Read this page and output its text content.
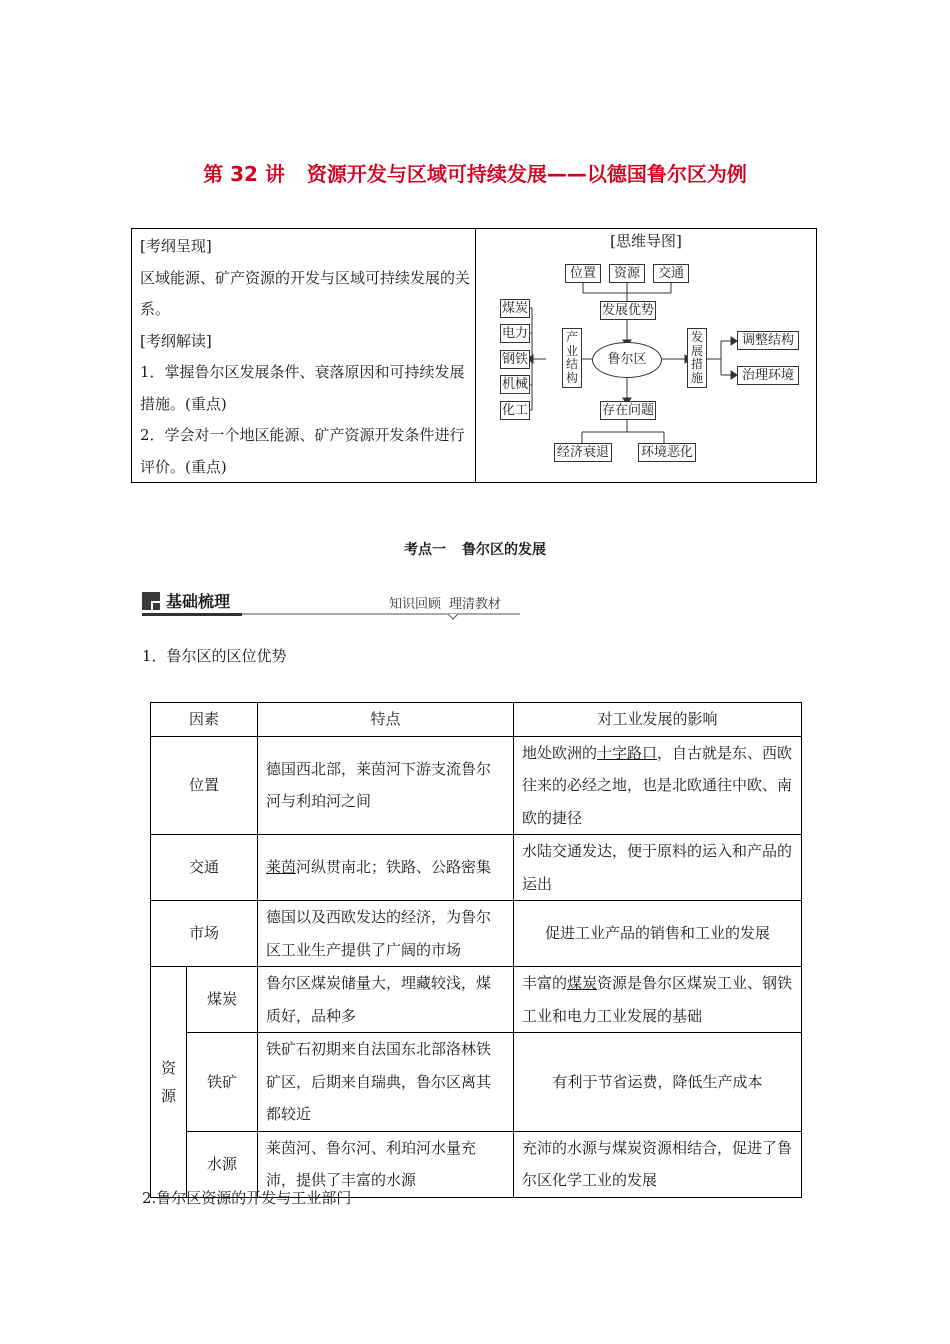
第 32 讲 资源开发与区域可持续发展——以德国鲁尔区为例

[考纲呈现]

区域能源、矿产资源的开发与区域可持续发展的关系。

[考纲解读]

1．掌握鲁尔区发展条件、衰落原因和可持续发展措施。(重点)

2．学会对一个地区能源、矿产资源开发条件进行评价。(重点)

[思维导图]
位置	资源	交通
发展优势
煤炭
电力
钢铁
机械
化工
产业结构
鲁尔区
发展措施
调整结构
治理环境
存在问题
经济衰退 环境恶化
考点一 鲁尔区的发展
基础梳理	知识回顾 理清教材
1．鲁尔区的区位优势
因素		特点	对工业发展的影响
位置		德国西北部，莱茵河下游支流鲁尔河与利珀河之间	地处欧洲的十字路口，自古就是东、西欧往来的必经之地，也是北欧通往中欧、南欧的捷径
交通		莱茵河纵贯南北；铁路、公路密集	水陆交通发达，便于原料的运入和产品的运出
市场		德国以及西欧发达的经济，为鲁尔区工业生产提供了广阔的市场	促进工业产品的销售和工业的发展
资
源	煤炭	鲁尔区煤炭储量大，埋藏较浅，煤质好，品种多	丰富的煤炭资源是鲁尔区煤炭工业、钢铁工业和电力工业发展的基础
	铁矿	铁矿石初期来自法国东北部洛林铁矿区，后期来自瑞典，鲁尔区离其都较近	有利于节省运费，降低生产成本
	水源	莱茵河、鲁尔河、利珀河水量充沛，提供了丰富的水源	充沛的水源与煤炭资源相结合，促进了鲁尔区化学工业的发展
2.鲁尔区资源的开发与工业部门
